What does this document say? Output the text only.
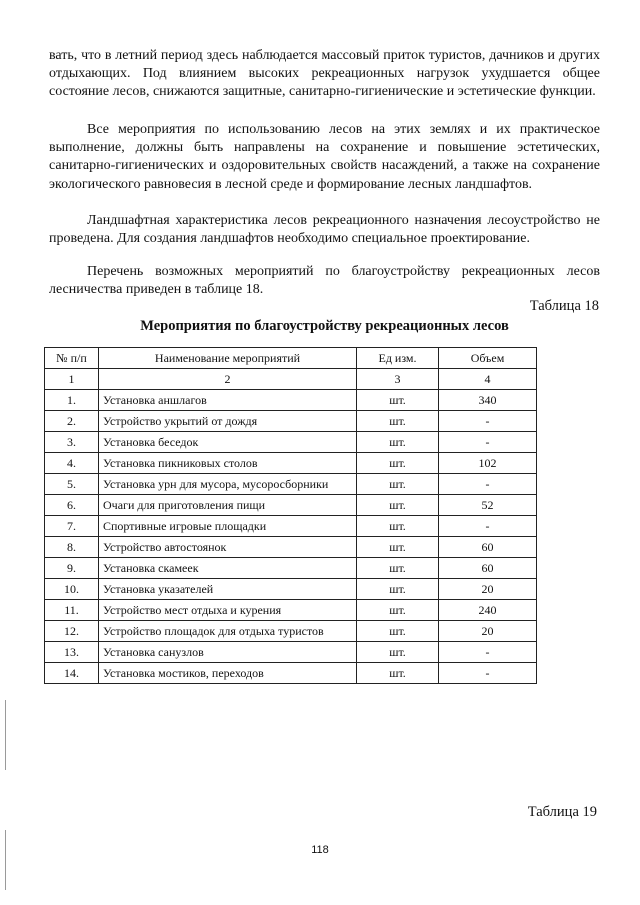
вать, что в летний период здесь наблюдается массовый приток туристов, дачников и других отдыхающих. Под влиянием высоких рекреационных нагрузок ухудшается общее состояние лесов, снижаются защитные, санитарно-гигиенические и эстетические функции.

Все мероприятия по использованию лесов на этих землях и их практическое выполнение, должны быть направлены на сохранение и повышение эстетических, санитарно-гигиенических и оздоровительных свойств насаждений, а также на сохранение экологического равновесия в лесной среде и формирование лесных ландшафтов.

Ландшафтная характеристика лесов рекреационного назначения лесоустройство не проведена. Для создания ландшафтов необходимо специальное проектирование.

Перечень возможных мероприятий по благоустройству рекреационных лесов лесничества приведен в таблице 18.

Таблица 18
Мероприятия по благоустройству рекреационных лесов
№ п/п	Наименование мероприятий	Ед изм.	Объем
1	2	3	4
1.	Установка аншлагов	шт.	340
2.	Устройство укрытий от дождя	шт.	-
3.	Установка беседок	шт.	-
4.	Установка пикниковых столов	шт.	102
5.	Установка урн для мусора, мусоросборники	шт.	-
6.	Очаги для приготовления пищи	шт.	52
7.	Спортивные игровые площадки	шт.	-
8.	Устройство автостоянок	шт.	60
9.	Установка скамеек	шт.	60
10.	Установка указателей	шт.	20
11.	Устройство мест отдыха и курения	шт.	240
12.	Устройство площадок для отдыха туристов	шт.	20
13.	Установка санузлов	шт.	-
14.	Установка мостиков, переходов	шт.	-
Таблица 19
118
